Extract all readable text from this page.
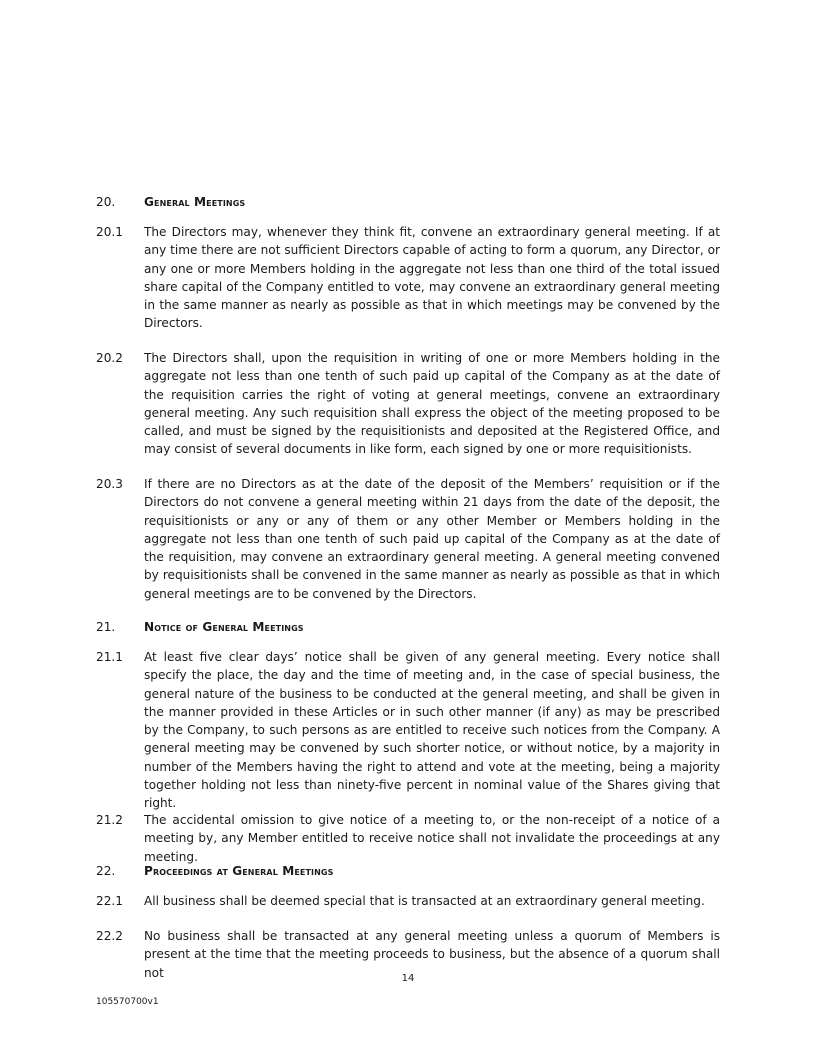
20.	General Meetings
20.1	The Directors may, whenever they think fit, convene an extraordinary general meeting. If at any time there are not sufficient Directors capable of acting to form a quorum, any Director, or any one or more Members holding in the aggregate not less than one third of the total issued share capital of the Company entitled to vote, may convene an extraordinary general meeting in the same manner as nearly as possible as that in which meetings may be convened by the Directors.
20.2	The Directors shall, upon the requisition in writing of one or more Members holding in the aggregate not less than one tenth of such paid up capital of the Company as at the date of the requisition carries the right of voting at general meetings, convene an extraordinary general meeting. Any such requisition shall express the object of the meeting proposed to be called, and must be signed by the requisitionists and deposited at the Registered Office, and may consist of several documents in like form, each signed by one or more requisitionists.
20.3	If there are no Directors as at the date of the deposit of the Members’ requisition or if the Directors do not convene a general meeting within 21 days from the date of the deposit, the requisitionists or any or any of them or any other Member or Members holding in the aggregate not less than one tenth of such paid up capital of the Company as at the date of the requisition, may convene an extraordinary general meeting. A general meeting convened by requisitionists shall be convened in the same manner as nearly as possible as that in which general meetings are to be convened by the Directors.
21.	Notice of General Meetings
21.1	At least five clear days’ notice shall be given of any general meeting. Every notice shall specify the place, the day and the time of meeting and, in the case of special business, the general nature of the business to be conducted at the general meeting, and shall be given in the manner provided in these Articles or in such other manner (if any) as may be prescribed by the Company, to such persons as are entitled to receive such notices from the Company. A general meeting may be convened by such shorter notice, or without notice, by a majority in number of the Members having the right to attend and vote at the meeting, being a majority together holding not less than ninety-five percent in nominal value of the Shares giving that right.
21.2	The accidental omission to give notice of a meeting to, or the non-receipt of a notice of a meeting by, any Member entitled to receive notice shall not invalidate the proceedings at any meeting.
22.	Proceedings at General Meetings
22.1	All business shall be deemed special that is transacted at an extraordinary general meeting.
22.2	No business shall be transacted at any general meeting unless a quorum of Members is present at the time that the meeting proceeds to business, but the absence of a quorum shall not	14
105570700v1
